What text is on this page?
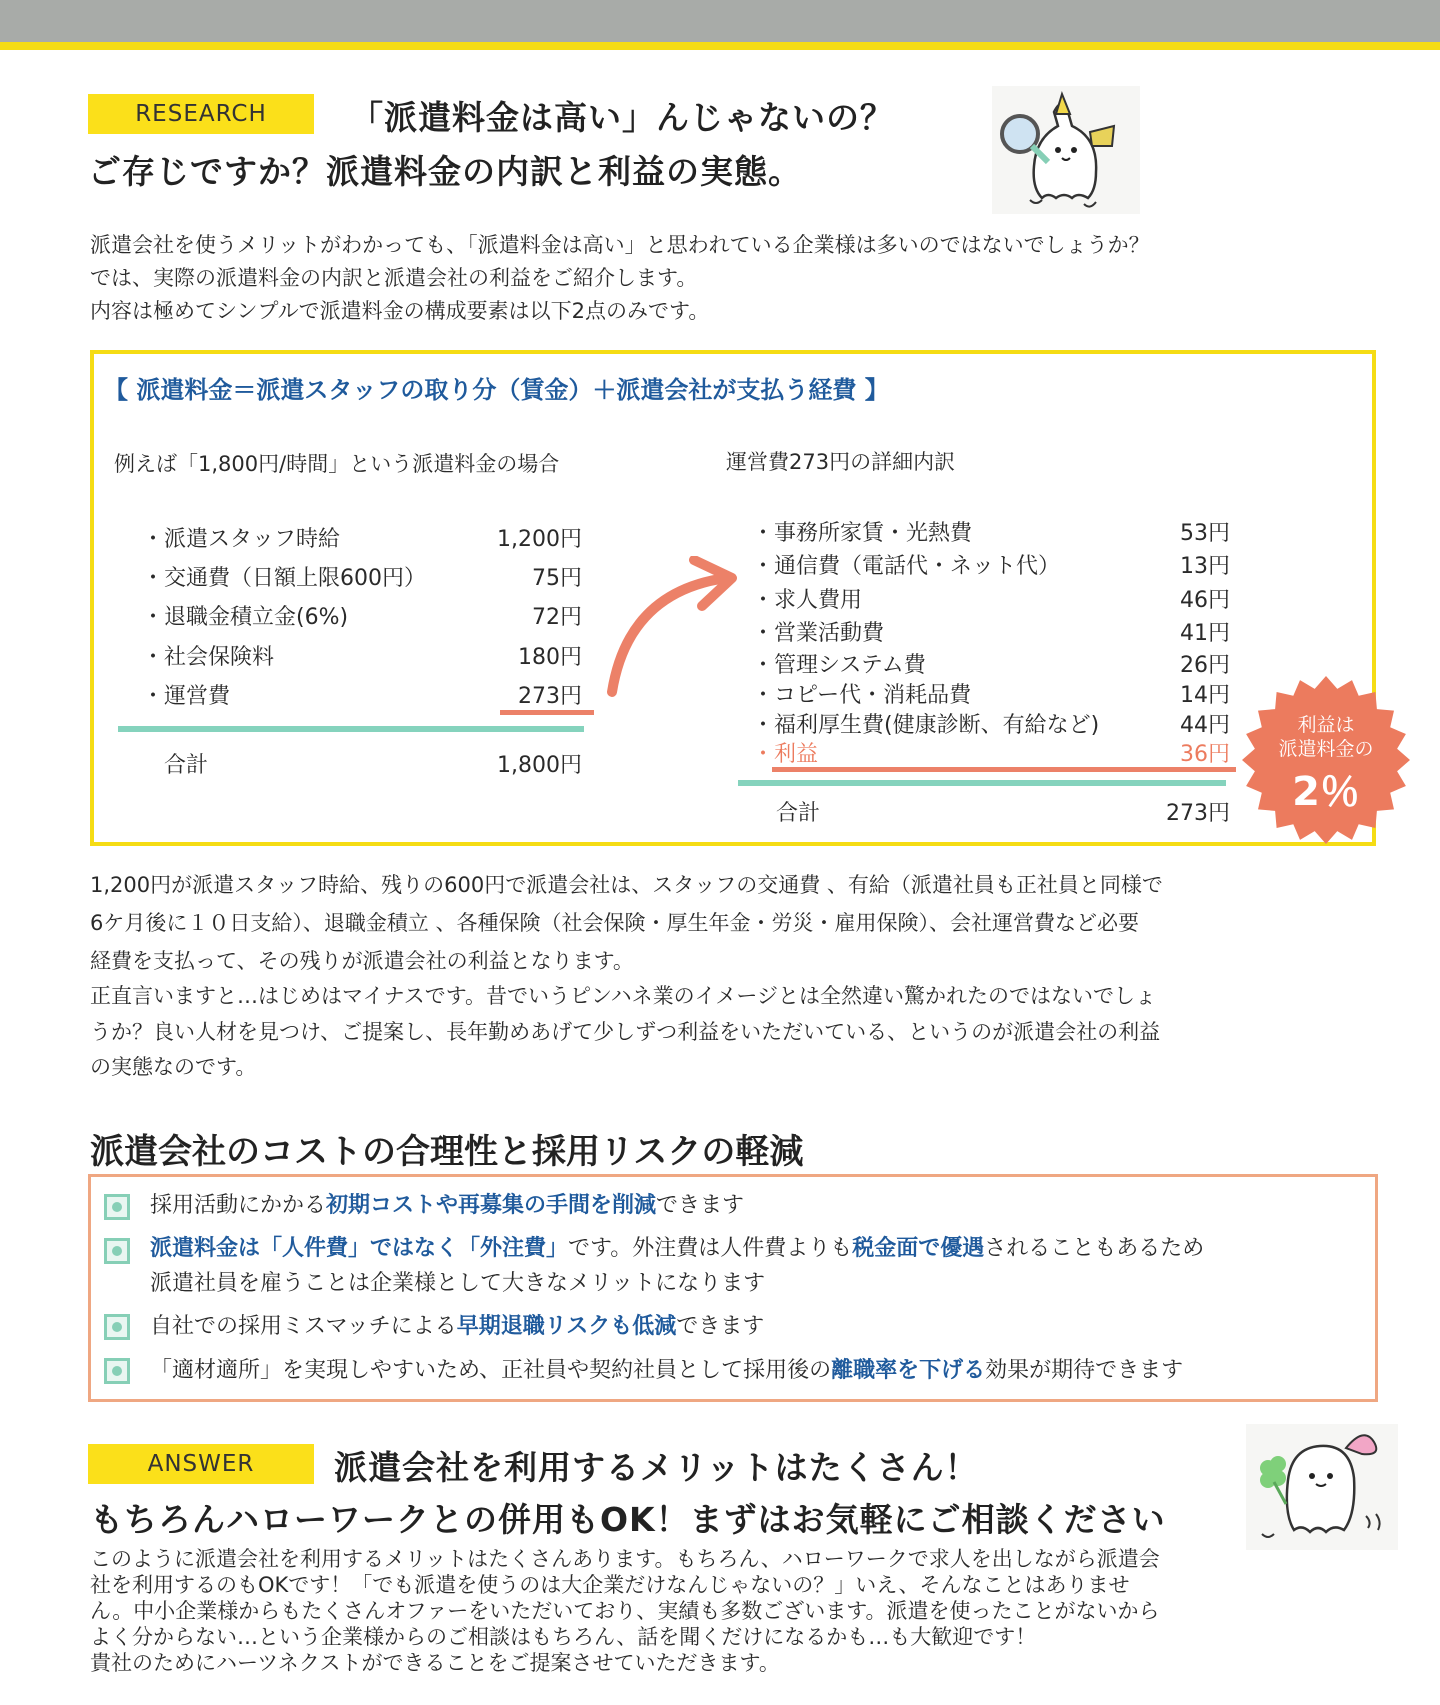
RESEARCH	「派遣料金は高い」んじゃないの？
ご存じですか？派遣料金の内訳と利益の実態。
派遣会社を使うメリットがわかっても、「派遣料金は高い」と思われている企業様は多いのではないでしょうか？
では、実際の派遣料金の内訳と派遣会社の利益をご紹介します。
内容は極めてシンプルで派遣料金の構成要素は以下2点のみです。
【 派遣料金＝派遣スタッフの取り分（賃金）＋派遣会社が支払う経費 】
例えば「1,800円/時間」という派遣料金の場合	運営費273円の詳細内訳
・派遣スタッフ時給	1,200円
・交通費（日額上限600円）	75円
・退職金積立金(6%)	72円
・社会保険料	180円
・運営費	273円
合計	1,800円
・事務所家賃・光熱費	53円
・通信費（電話代・ネット代）	13円
・求人費用	46円
・営業活動費	41円
・管理システム費	26円
・コピー代・消耗品費	14円
・福利厚生費(健康診断、有給など)	44円
・利益	36円
合計	273円
利益は
派遣料金の
2％
1,200円が派遣スタッフ時給、残りの600円で派遣会社は、スタッフの交通費 、有給（派遣社員も正社員と同様で
6ケ月後に１０日支給）、退職金積立 、各種保険（社会保険・厚生年金・労災・雇用保険）、会社運営費など必要
経費を支払って、その残りが派遣会社の利益となります。
正直言いますと…はじめはマイナスです。昔でいうピンハネ業のイメージとは全然違い驚かれたのではないでしょ
うか？良い人材を見つけ、ご提案し、長年勤めあげて少しずつ利益をいただいている、というのが派遣会社の利益
の実態なのです。
派遣会社のコストの合理性と採用リスクの軽減
採用活動にかかる初期コストや再募集の手間を削減できます
派遣料金は「人件費」ではなく「外注費」です。外注費は人件費よりも税金面で優遇されることもあるため
派遣社員を雇うことは企業様として大きなメリットになります
自社での採用ミスマッチによる早期退職リスクも低減できます
「適材適所」を実現しやすいため、正社員や契約社員として採用後の離職率を下げる効果が期待できます
ANSWER	派遣会社を利用するメリットはたくさん！
もちろんハローワークとの併用もOK！まずはお気軽にご相談ください
このように派遣会社を利用するメリットはたくさんあります。もちろん、ハローワークで求人を出しながら派遣会
社を利用するのもOKです！「でも派遣を使うのは大企業だけなんじゃないの？」いえ、そんなことはありませ
ん。中小企業様からもたくさんオファーをいただいており、実績も多数ございます。派遣を使ったことがないから
よく分からない…という企業様からのご相談はもちろん、話を聞くだけになるかも…も大歓迎です！
貴社のためにハーツネクストができることをご提案させていただきます。
